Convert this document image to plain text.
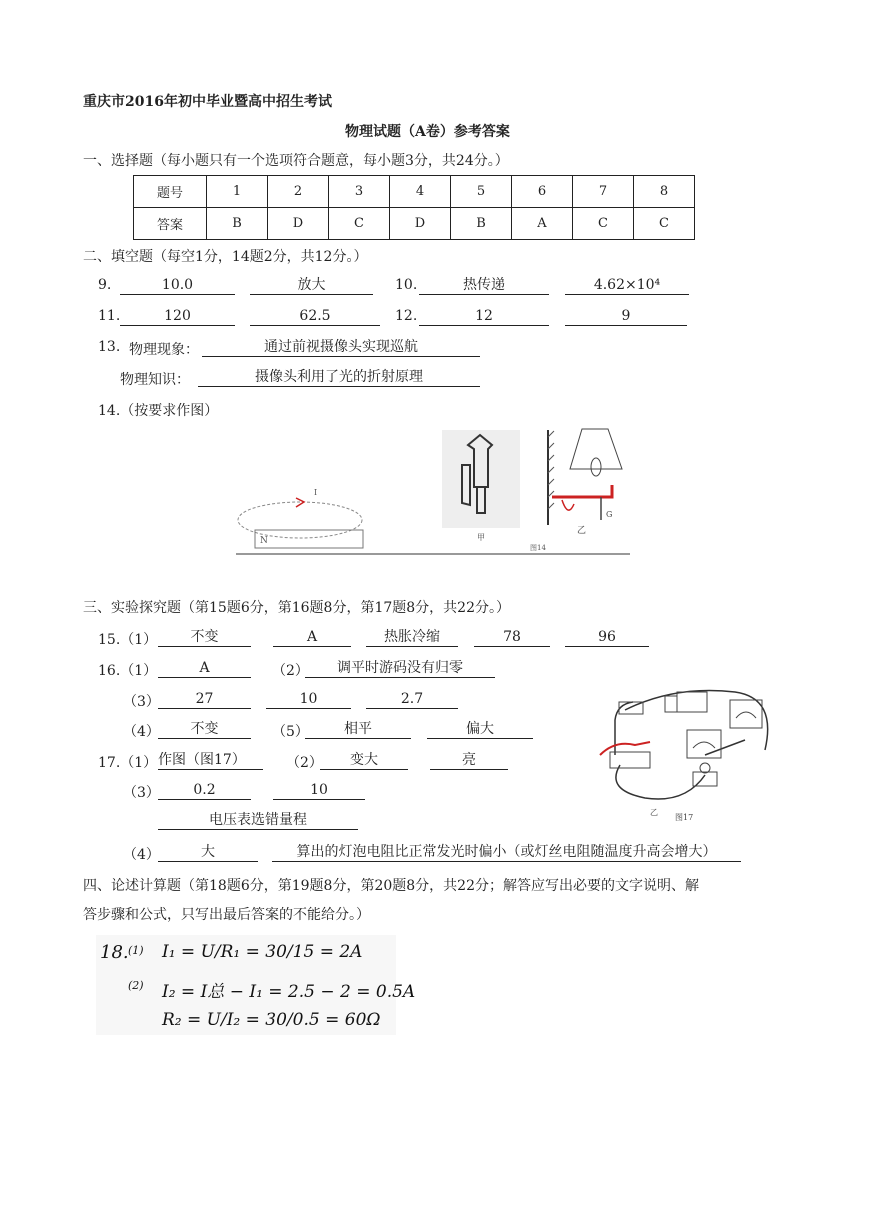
重庆市2016年初中毕业暨高中招生考试
物理试题（A卷）参考答案
一、选择题（每小题只有一个选项符合题意，每小题3分，共24分。）
题号	1	2	3	4	5	6	7	8
答案	B	D	C	D	B	A	C	C
二、填空题（每空1分，14题2分，共12分。）
9.	10.0	放大	10.	热传递	4.62×10⁴
11.	120	62.5	12.	12	9
13. 物理现象：	通过前视摄像头实现巡航
物理知识：	摄像头利用了光的折射原理
14.（按要求作图）
N
I
甲
G
乙
图14
三、实验探究题（第15题6分，第16题8分，第17题8分，共22分。）
15.（1）	不变	A	热胀冷缩	78	96
16.（1）	A	（2）	调平时游码没有归零
（3）	27	10	2.7
（4）	不变	（5）	相平	偏大
17.（1） 作图（图17）	（2）	变大	亮
（3）	0.2	10
电压表选错量程
（4）	大	算出的灯泡电阻比正常发光时偏小（或灯丝电阻随温度升高会增大）
乙
图17
四、论述计算题（第18题6分，第19题8分，第20题8分，共22分；解答应写出必要的文字说明、解
答步骤和公式，只写出最后答案的不能给分。）
18. (1) I₁ = U/R₁ = 30/15 = 2A
(2) I₂ = I总 − I₁ = 2.5 − 2 = 0.5A
R₂ = U/I₂ = 30/0.5 = 60Ω
